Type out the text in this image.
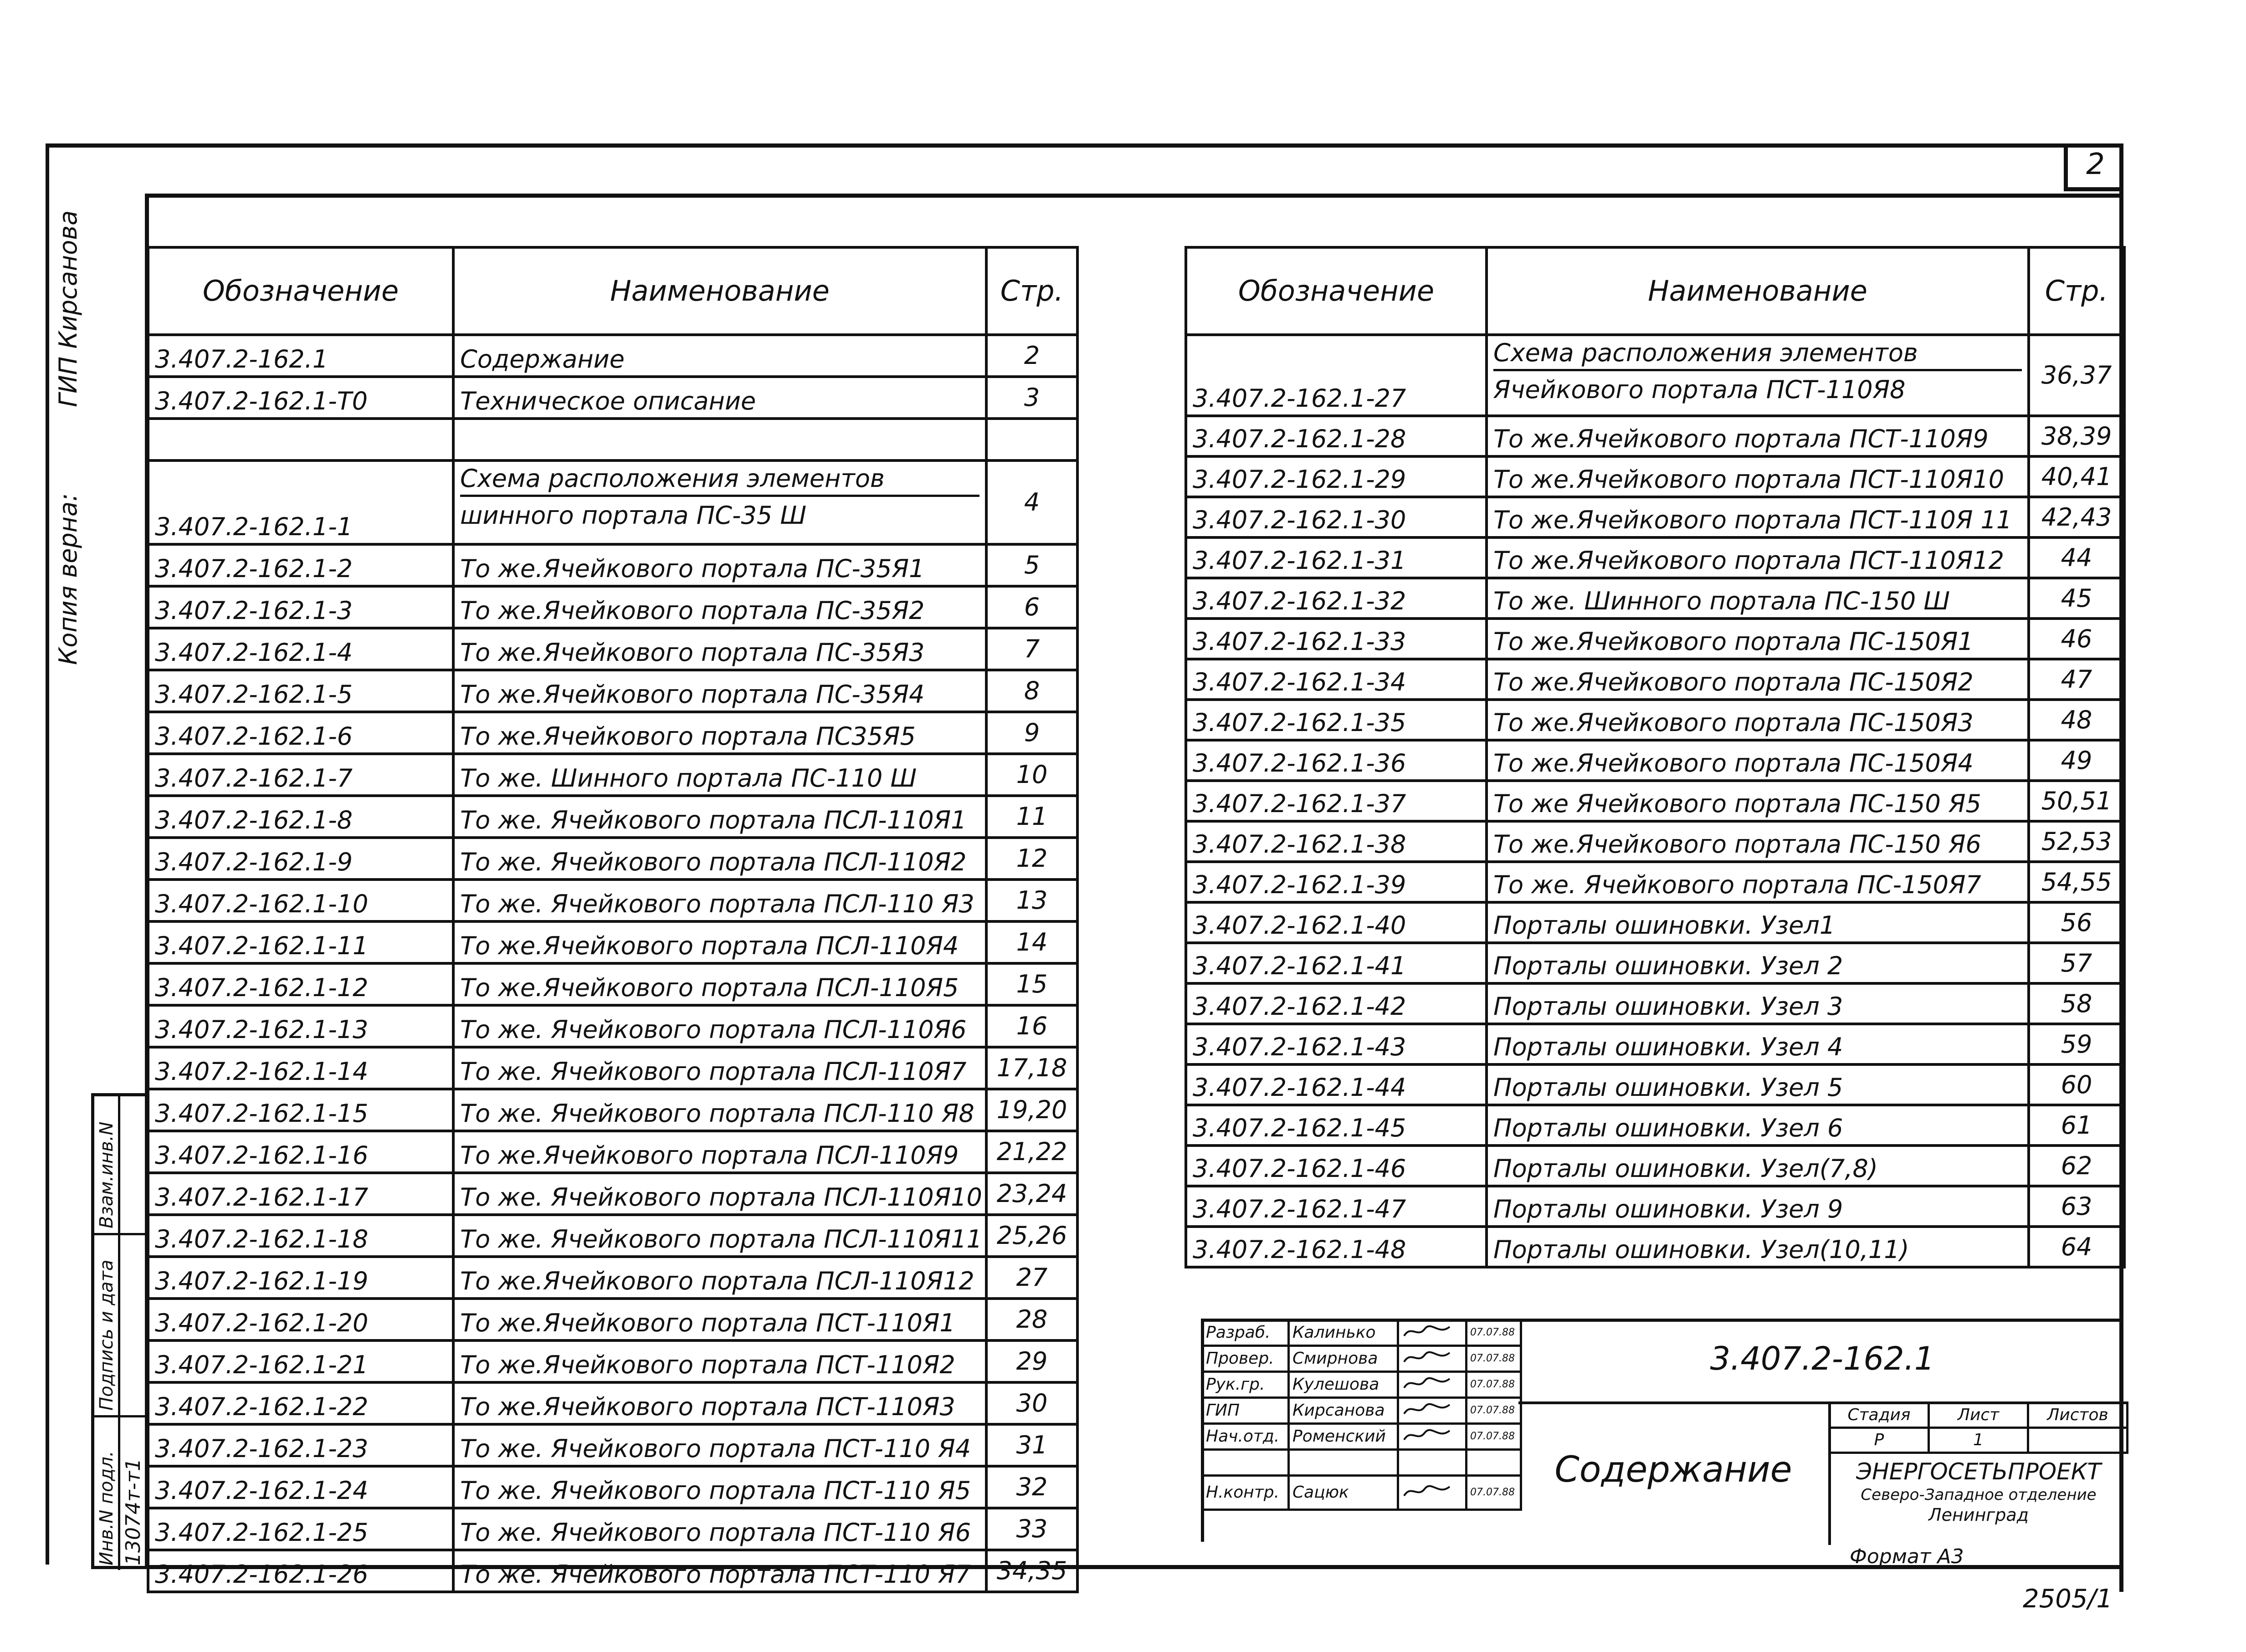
2
Копия верна:           ГИП Кирсанова	Обозначение	Наименование	Стр.
3.407.2-162.1	Содержание	2
3.407.2-162.1-Т0	Техническое описание	3

3.407.2-162.1-1	Схема расположения элементов
шинного портала ПС-35 Ш	4
3.407.2-162.1-2	То же.Ячейкового портала ПС-35Я1	5
3.407.2-162.1-3	То же.Ячейкового портала ПС-35Я2	6
3.407.2-162.1-4	То же.Ячейкового портала ПС-35Я3	7
3.407.2-162.1-5	То же.Ячейкового портала ПС-35Я4	8
3.407.2-162.1-6	То же.Ячейкового портала ПС35Я5	9
3.407.2-162.1-7	То же. Шинного портала ПС-110 Ш	10
3.407.2-162.1-8	То же. Ячейкового портала ПСЛ-110Я1	11
3.407.2-162.1-9	То же. Ячейкового портала ПСЛ-110Я2	12
3.407.2-162.1-10	То же. Ячейкового портала ПСЛ-110 Я3	13
3.407.2-162.1-11	То же.Ячейкового портала ПСЛ-110Я4	14
3.407.2-162.1-12	То же.Ячейкового портала ПСЛ-110Я5	15
3.407.2-162.1-13	То же. Ячейкового портала ПСЛ-110Я6	16
3.407.2-162.1-14	То же. Ячейкового портала ПСЛ-110Я7	17,18
3.407.2-162.1-15	То же. Ячейкового портала ПСЛ-110 Я8	19,20
3.407.2-162.1-16	То же.Ячейкового портала ПСЛ-110Я9	21,22
3.407.2-162.1-17	То же. Ячейкового портала ПСЛ-110Я10	23,24
3.407.2-162.1-18	То же. Ячейкового портала ПСЛ-110Я11	25,26
3.407.2-162.1-19	То же.Ячейкового портала ПСЛ-110Я12	27
3.407.2-162.1-20	То же.Ячейкового портала ПСТ-110Я1	28
3.407.2-162.1-21	То же.Ячейкового портала ПСТ-110Я2	29
3.407.2-162.1-22	То же.Ячейкового портала ПСТ-110Я3	30
3.407.2-162.1-23	То же. Ячейкового портала ПСТ-110 Я4	31
3.407.2-162.1-24	То же. Ячейкового портала ПСТ-110 Я5	32
3.407.2-162.1-25	То же. Ячейкового портала ПСТ-110 Я6	33
3.407.2-162.1-26	То же. Ячейкового портала ПСТ-110 Я7	34,35
Обозначение	Наименование	Стр.
3.407.2-162.1-27	Схема расположения элементов
Ячейкового портала ПСТ-110Я8	36,37
3.407.2-162.1-28	То же.Ячейкового портала ПСТ-110Я9	38,39
3.407.2-162.1-29	То же.Ячейкового портала ПСТ-110Я10	40,41
3.407.2-162.1-30	То же.Ячейкового портала ПСТ-110Я 11	42,43
3.407.2-162.1-31	То же.Ячейкового портала ПСТ-110Я12	44
3.407.2-162.1-32	То же. Шинного портала ПС-150 Ш	45
3.407.2-162.1-33	То же.Ячейкового портала ПС-150Я1	46
3.407.2-162.1-34	То же.Ячейкового портала ПС-150Я2	47
3.407.2-162.1-35	То же.Ячейкового портала ПС-150Я3	48
3.407.2-162.1-36	То же.Ячейкового портала ПС-150Я4	49
3.407.2-162.1-37	То же Ячейкового портала ПС-150 Я5	50,51
3.407.2-162.1-38	То же.Ячейкового портала ПС-150 Я6	52,53
3.407.2-162.1-39	То же. Ячейкового портала ПС-150Я7	54,55
3.407.2-162.1-40	Порталы ошиновки. Узел1	56
3.407.2-162.1-41	Порталы ошиновки. Узел 2	57
3.407.2-162.1-42	Порталы ошиновки. Узел 3	58
3.407.2-162.1-43	Порталы ошиновки. Узел 4	59
3.407.2-162.1-44	Порталы ошиновки. Узел 5	60
3.407.2-162.1-45	Порталы ошиновки. Узел 6	61
3.407.2-162.1-46	Порталы ошиновки. Узел(7,8)	62
3.407.2-162.1-47	Порталы ошиновки. Узел 9	63
3.407.2-162.1-48	Порталы ошиновки. Узел(10,11)	64
Взам.инв.N
Подпись и дата
Инв.N подл. 13074т-т1
Разраб.	Калинько		07.07.88
Провер.	Смирнова		07.07.88
Рук.гр.	Кулешова		07.07.88
ГИП	Кирсанова		07.07.88
Нач.отд.	Роменский		07.07.88

Н.контр.	Сацюк		07.07.88
3.407.2-162.1
Содержание
Стадия	Лист	Листов
Р	1	
ЭНЕРГОСЕТЬПРОЕКТ
Северо-Западное отделение
Ленинград
Формат А3
2505/1
